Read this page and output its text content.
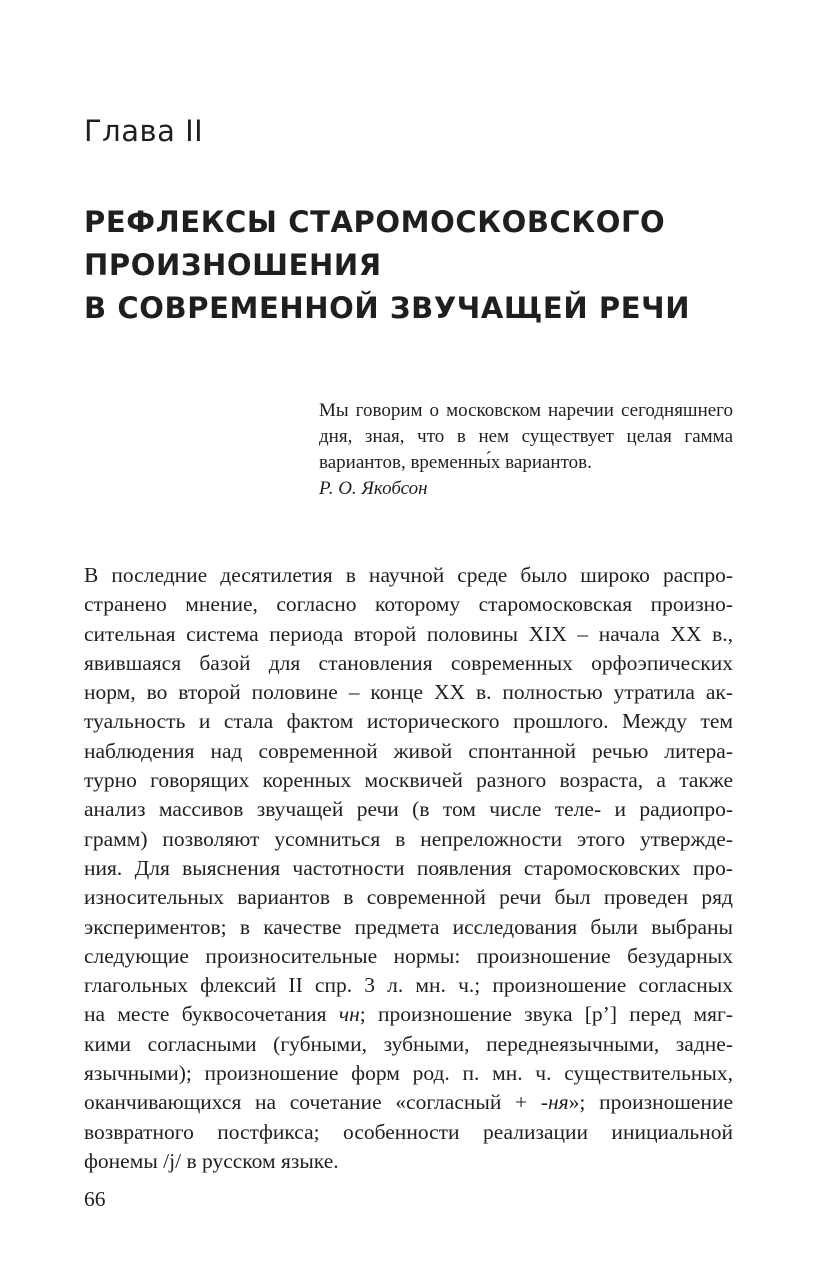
Глава II
РЕФЛЕКСЫ СТАРОМОСКОВСКОГО
ПРОИЗНОШЕНИЯ
В СОВРЕМЕННОЙ ЗВУЧАЩЕЙ РЕЧИ

Мы говорим о московском наречии сегодняшнего дня, зная, что в нем существует целая гамма вариантов, временны́х вариантов.

Р. О. Якобсон

В последние десятилетия в научной среде было широко распро-
странено мнение, согласно которому старомосковская произно-
сительная система периода второй половины XIX – начала XX в.,
явившаяся базой для становления современных орфоэпических
норм, во второй половине – конце XX в. полностью утратила ак-
туальность и стала фактом исторического прошлого. Между тем
наблюдения над современной живой спонтанной речью литера-
турно говорящих коренных москвичей разного возраста, а также
анализ массивов звучащей речи (в том числе теле- и радиопро-
грамм) позволяют усомниться в непреложности этого утвержде-
ния. Для выяснения частотности появления старомосковских про-
износительных вариантов в современной речи был проведен ряд
экспериментов; в качестве предмета исследования были выбраны
следующие произносительные нормы: произношение безударных
глагольных флексий II спр. 3 л. мн. ч.; произношение согласных
на месте буквосочетания чн; произношение звука [р’] перед мяг-
кими согласными (губными, зубными, переднеязычными, задне-
язычными); произношение форм род. п. мн. ч. существительных,
оканчивающихся на сочетание «согласный + -ня»; произношение
возвратного постфикса; особенности реализации инициальной
фонемы /j/ в русском языке.

66
